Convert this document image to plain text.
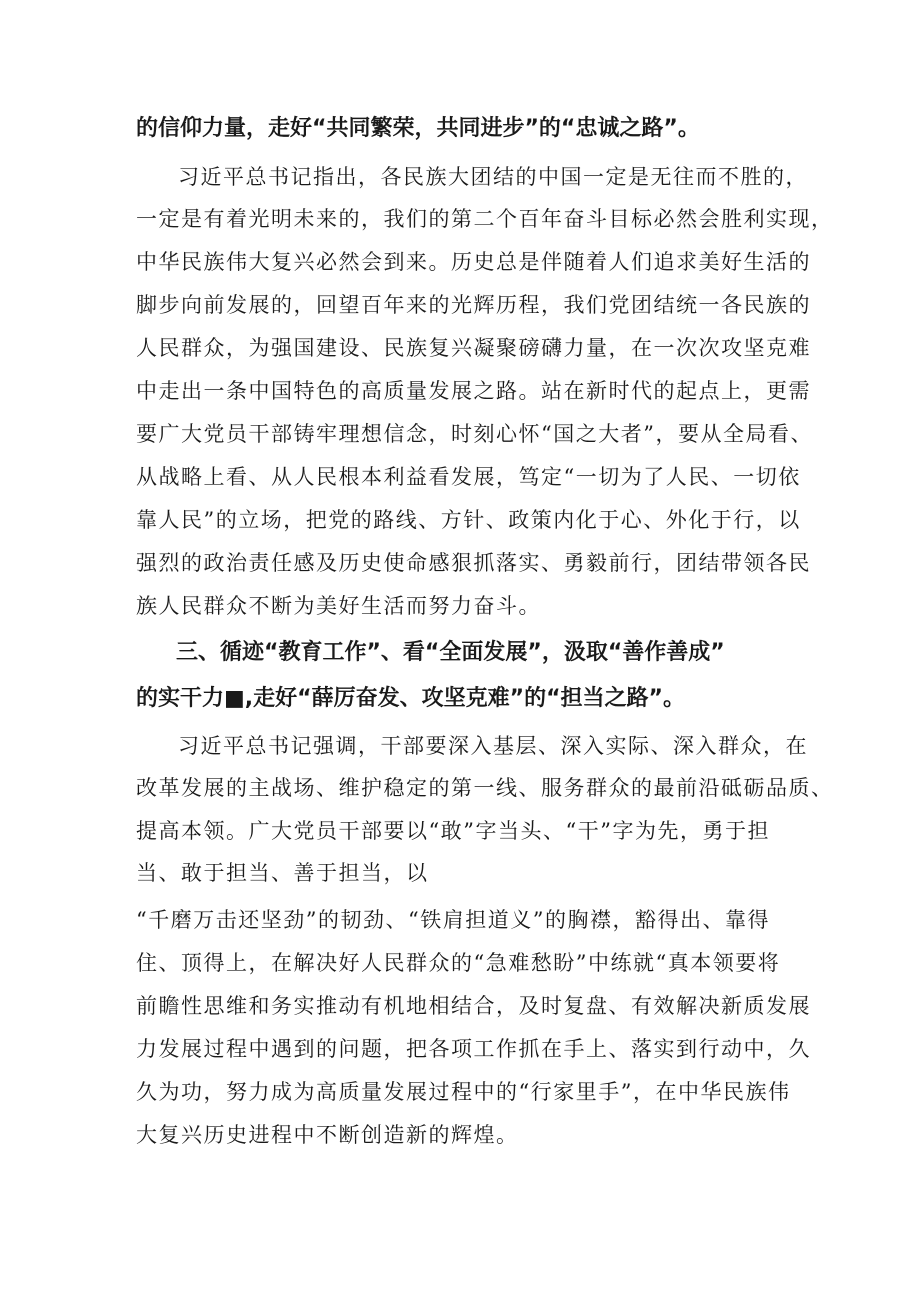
的信仰力量，走好“共同繁荣，共同进步”的“忠诚之路”。
习近平总书记指出，各民族大团结的中国一定是无往而不胜的，
一定是有着光明未来的，我们的第二个百年奋斗目标必然会胜利实现，
中华民族伟大复兴必然会到来。历史总是伴随着人们追求美好生活的
脚步向前发展的，回望百年来的光辉历程，我们党团结统一各民族的
人民群众，为强国建设、民族复兴凝聚磅礴力量，在一次次攻坚克难
中走出一条中国特色的高质量发展之路。站在新时代的起点上，更需
要广大党员干部铸牢理想信念，时刻心怀“国之大者”，要从全局看、
从战略上看、从人民根本利益看发展，笃定“一切为了人民、一切依
靠人民”的立场，把党的路线、方针、政策内化于心、外化于行，以
强烈的政治责任感及历史使命感狠抓落实、勇毅前行，团结带领各民
族人民群众不断为美好生活而努力奋斗。
三、循迹“教育工作”、看“全面发展”，汲取“善作善成”
的实干力■,走好“薛厉奋发、攻坚克难”的“担当之路”。
习近平总书记强调，干部要深入基层、深入实际、深入群众，在
改革发展的主战场、维护稳定的第一线、服务群众的最前沿砥砺品质、
提高本领。广大党员干部要以“敢”字当头、“干”字为先，勇于担
当、敢于担当、善于担当，以
“千磨万击还坚劲”的韧劲、“铁肩担道义”的胸襟，豁得出、靠得
住、顶得上，在解决好人民群众的“急难愁盼”中练就“真本领要将
前瞻性思维和务实推动有机地相结合，及时复盘、有效解决新质发展
力发展过程中遇到的问题，把各项工作抓在手上、落实到行动中，久
久为功，努力成为高质量发展过程中的“行家里手”，在中华民族伟
大复兴历史进程中不断创造新的辉煌。
